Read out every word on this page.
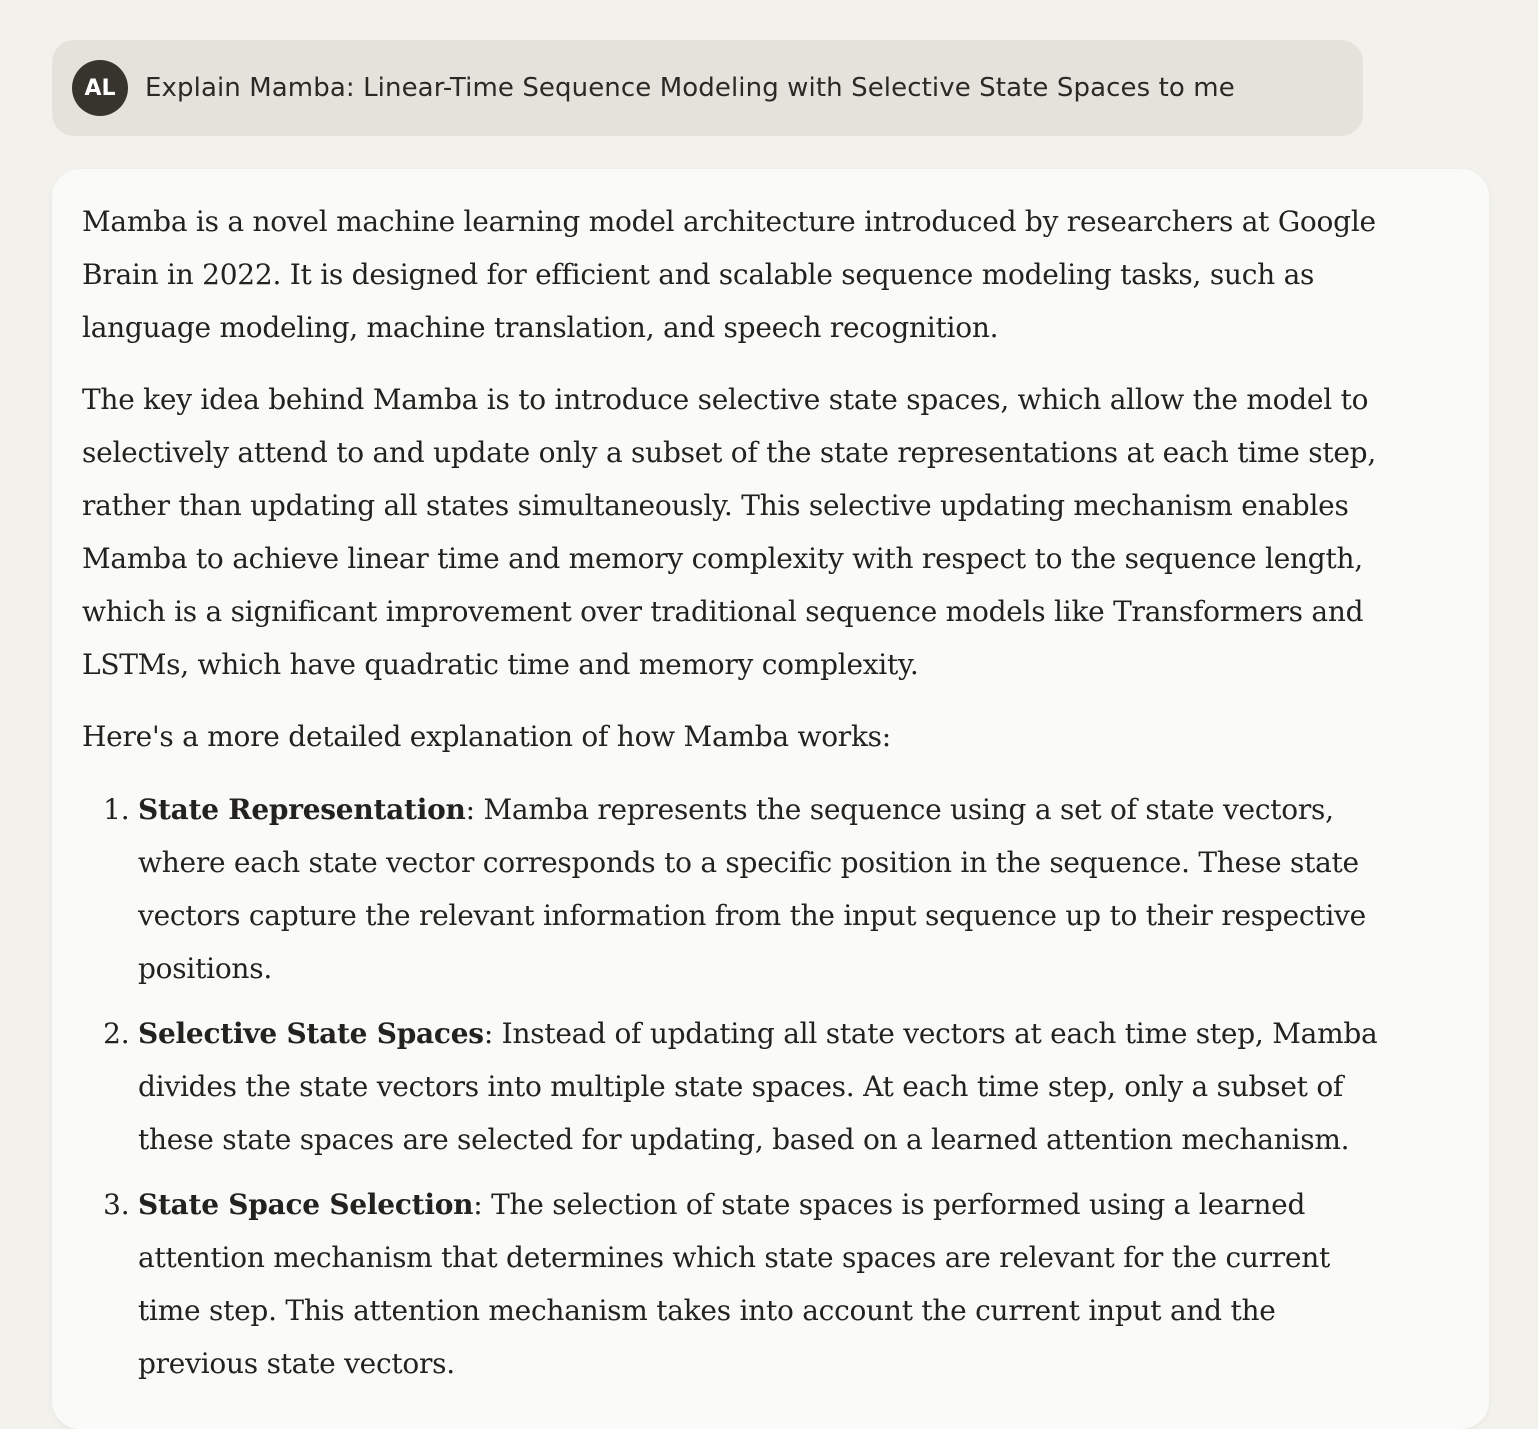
AL	Explain Mamba: Linear-Time Sequence Modeling with Selective State Spaces to me

Mamba is a novel machine learning model architecture introduced by researchers at Google Brain in 2022. It is designed for efficient and scalable sequence modeling tasks, such as language modeling, machine translation, and speech recognition.

The key idea behind Mamba is to introduce selective state spaces, which allow the model to selectively attend to and update only a subset of the state representations at each time step, rather than updating all states simultaneously. This selective updating mechanism enables Mamba to achieve linear time and memory complexity with respect to the sequence length, which is a significant improvement over traditional sequence models like Transformers and LSTMs, which have quadratic time and memory complexity.

Here's a more detailed explanation of how Mamba works:

1. State Representation: Mamba represents the sequence using a set of state vectors, where each state vector corresponds to a specific position in the sequence. These state vectors capture the relevant information from the input sequence up to their respective positions.
2. Selective State Spaces: Instead of updating all state vectors at each time step, Mamba divides the state vectors into multiple state spaces. At each time step, only a subset of these state spaces are selected for updating, based on a learned attention mechanism.
3. State Space Selection: The selection of state spaces is performed using a learned attention mechanism that determines which state spaces are relevant for the current time step. This attention mechanism takes into account the current input and the previous state vectors.
